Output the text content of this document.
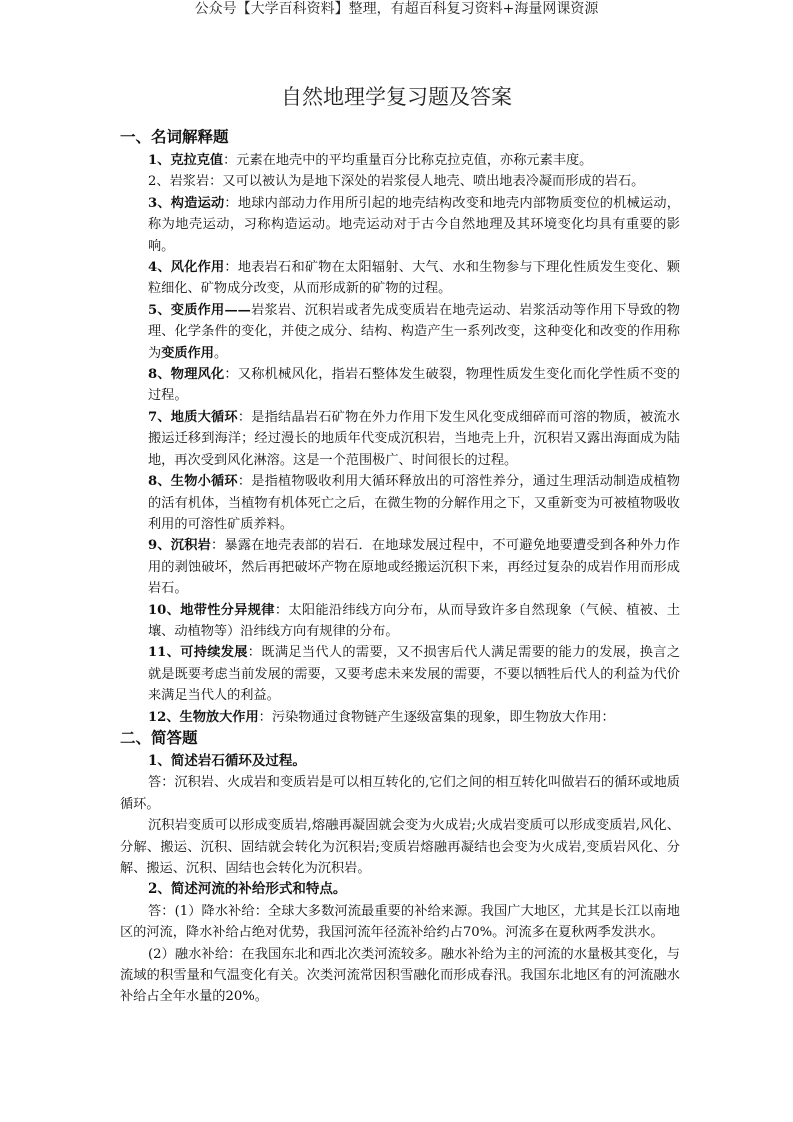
公众号【大学百科资料】整理，有超百科复习资料+海量网课资源
自然地理学复习题及答案
一、名词解释题
1、克拉克值：元素在地壳中的平均重量百分比称克拉克值，亦称元素丰度。
2、岩浆岩：又可以被认为是地下深处的岩浆侵人地壳、喷出地表冷凝而形成的岩石。
3、构造运动：地球内部动力作用所引起的地壳结构改变和地壳内部物质变位的机械运动，称为地壳运动，习称构造运动。地壳运动对于古今自然地理及其环境变化均具有重要的影响。
4、风化作用：地表岩石和矿物在太阳辐射、大气、水和生物参与下理化性质发生变化、颗粒细化、矿物成分改变，从而形成新的矿物的过程。
5、变质作用——岩浆岩、沉积岩或者先成变质岩在地壳运动、岩浆活动等作用下导致的物理、化学条件的变化，并使之成分、结构、构造产生一系列改变，这种变化和改变的作用称为变质作用。
8、物理风化：又称机械风化，指岩石整体发生破裂，物理性质发生变化而化学性质不变的过程。
7、地质大循环：是指结晶岩石矿物在外力作用下发生风化变成细碎而可溶的物质，被流水搬运迁移到海洋；经过漫长的地质年代变成沉积岩，当地壳上升，沉积岩又露出海面成为陆地，再次受到风化淋溶。这是一个范围极广、时间很长的过程。
8、生物小循环：是指植物吸收利用大循环释放出的可溶性养分，通过生理活动制造成植物的活有机体，当植物有机体死亡之后，在微生物的分解作用之下，又重新变为可被植物吸收利用的可溶性矿质养料。
9、沉积岩：暴露在地壳表部的岩石．在地球发展过程中，不可避免地要遭受到各种外力作用的剥蚀破坏，然后再把破坏产物在原地或经搬运沉积下来，再经过复杂的成岩作用而形成岩石。
10、地带性分异规律：太阳能沿纬线方向分布，从而导致许多自然现象（气候、植被、土壤、动植物等）沿纬线方向有规律的分布。
11、可持续发展：既满足当代人的需要，又不损害后代人满足需要的能力的发展，换言之就是既要考虑当前发展的需要，又要考虑未来发展的需要，不要以牺牲后代人的利益为代价来满足当代人的利益。
12、生物放大作用：污染物通过食物链产生逐级富集的现象，即生物放大作用：
二、简答题
1、简述岩石循环及过程。
答：沉积岩、火成岩和变质岩是可以相互转化的,它们之间的相互转化叫做岩石的循环或地质循环。
沉积岩变质可以形成变质岩,熔融再凝固就会变为火成岩;火成岩变质可以形成变质岩,风化、分解、搬运、沉积、固结就会转化为沉积岩;变质岩熔融再凝结也会变为火成岩,变质岩风化、分解、搬运、沉积、固结也会转化为沉积岩。
2、简述河流的补给形式和特点。
答：(1）降水补给：全球大多数河流最重要的补给来源。我国广大地区，尤其是长江以南地区的河流，降水补给占绝对优势，我国河流年径流补给约占70%。河流多在夏秋两季发洪水。
(2）融水补给：在我国东北和西北次类河流较多。融水补给为主的河流的水量极其变化，与流域的积雪量和气温变化有关。次类河流常因积雪融化而形成春汛。我国东北地区有的河流融水补给占全年水量的20%。
